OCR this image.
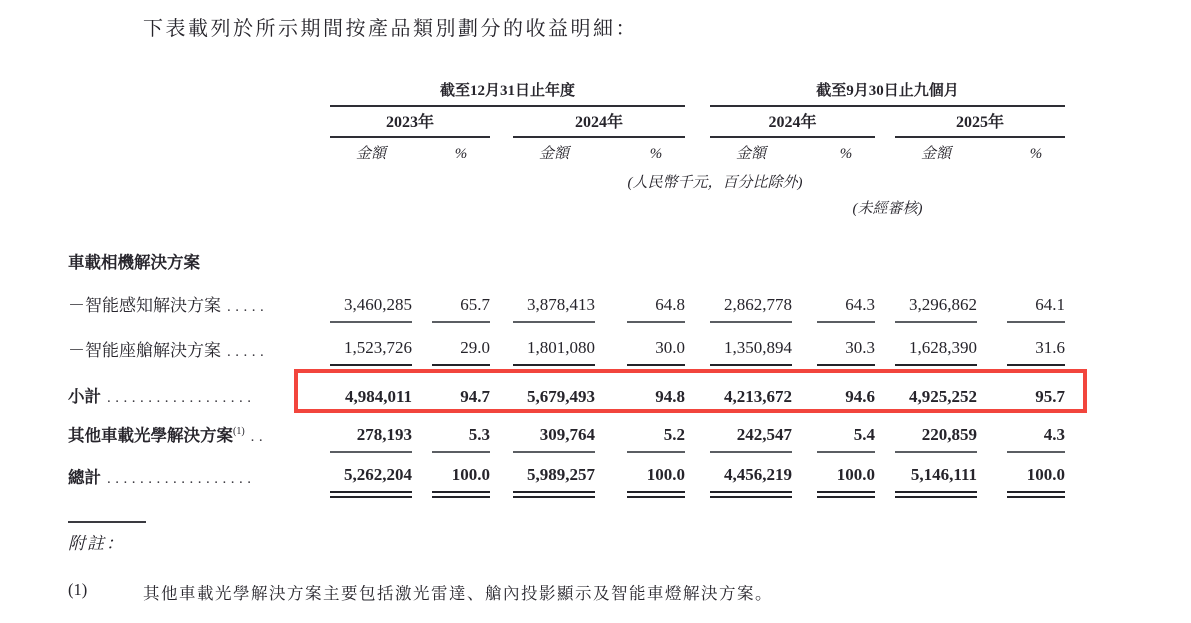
下表載列於所示期間按產品類別劃分的收益明細：
	截至12月31日止年度								截至9月30日止九個月						
	2023年				2024年				2024年				2025年		
	金額		%		金額		%		金額		%		金額		%
	(人民幣千元，百分比除外)														
									(未經審核)						

車載相機解決方案															
－智能感知解決方案 .....	3,460,285		65.7		3,878,413		64.8		2,862,778		64.3		3,296,862		64.1
－智能座艙解決方案 .....	1,523,726		29.0		1,801,080		30.0		1,350,894		30.3		1,628,390		31.6
小計 ..................	4,984,011		94.7		5,679,493		94.8		4,213,672		94.6		4,925,252		95.7
其他車載光學解決方案$^{(1)}$ ..	278,193		5.3		309,764		5.2		242,547		5.4		220,859		4.3
總計 ..................	5,262,204		100.0		5,989,257		100.0		4,456,219		100.0		5,146,111		100.0
附註：
(1)	其他車載光學解決方案主要包括激光雷達、艙內投影顯示及智能車燈解決方案。
